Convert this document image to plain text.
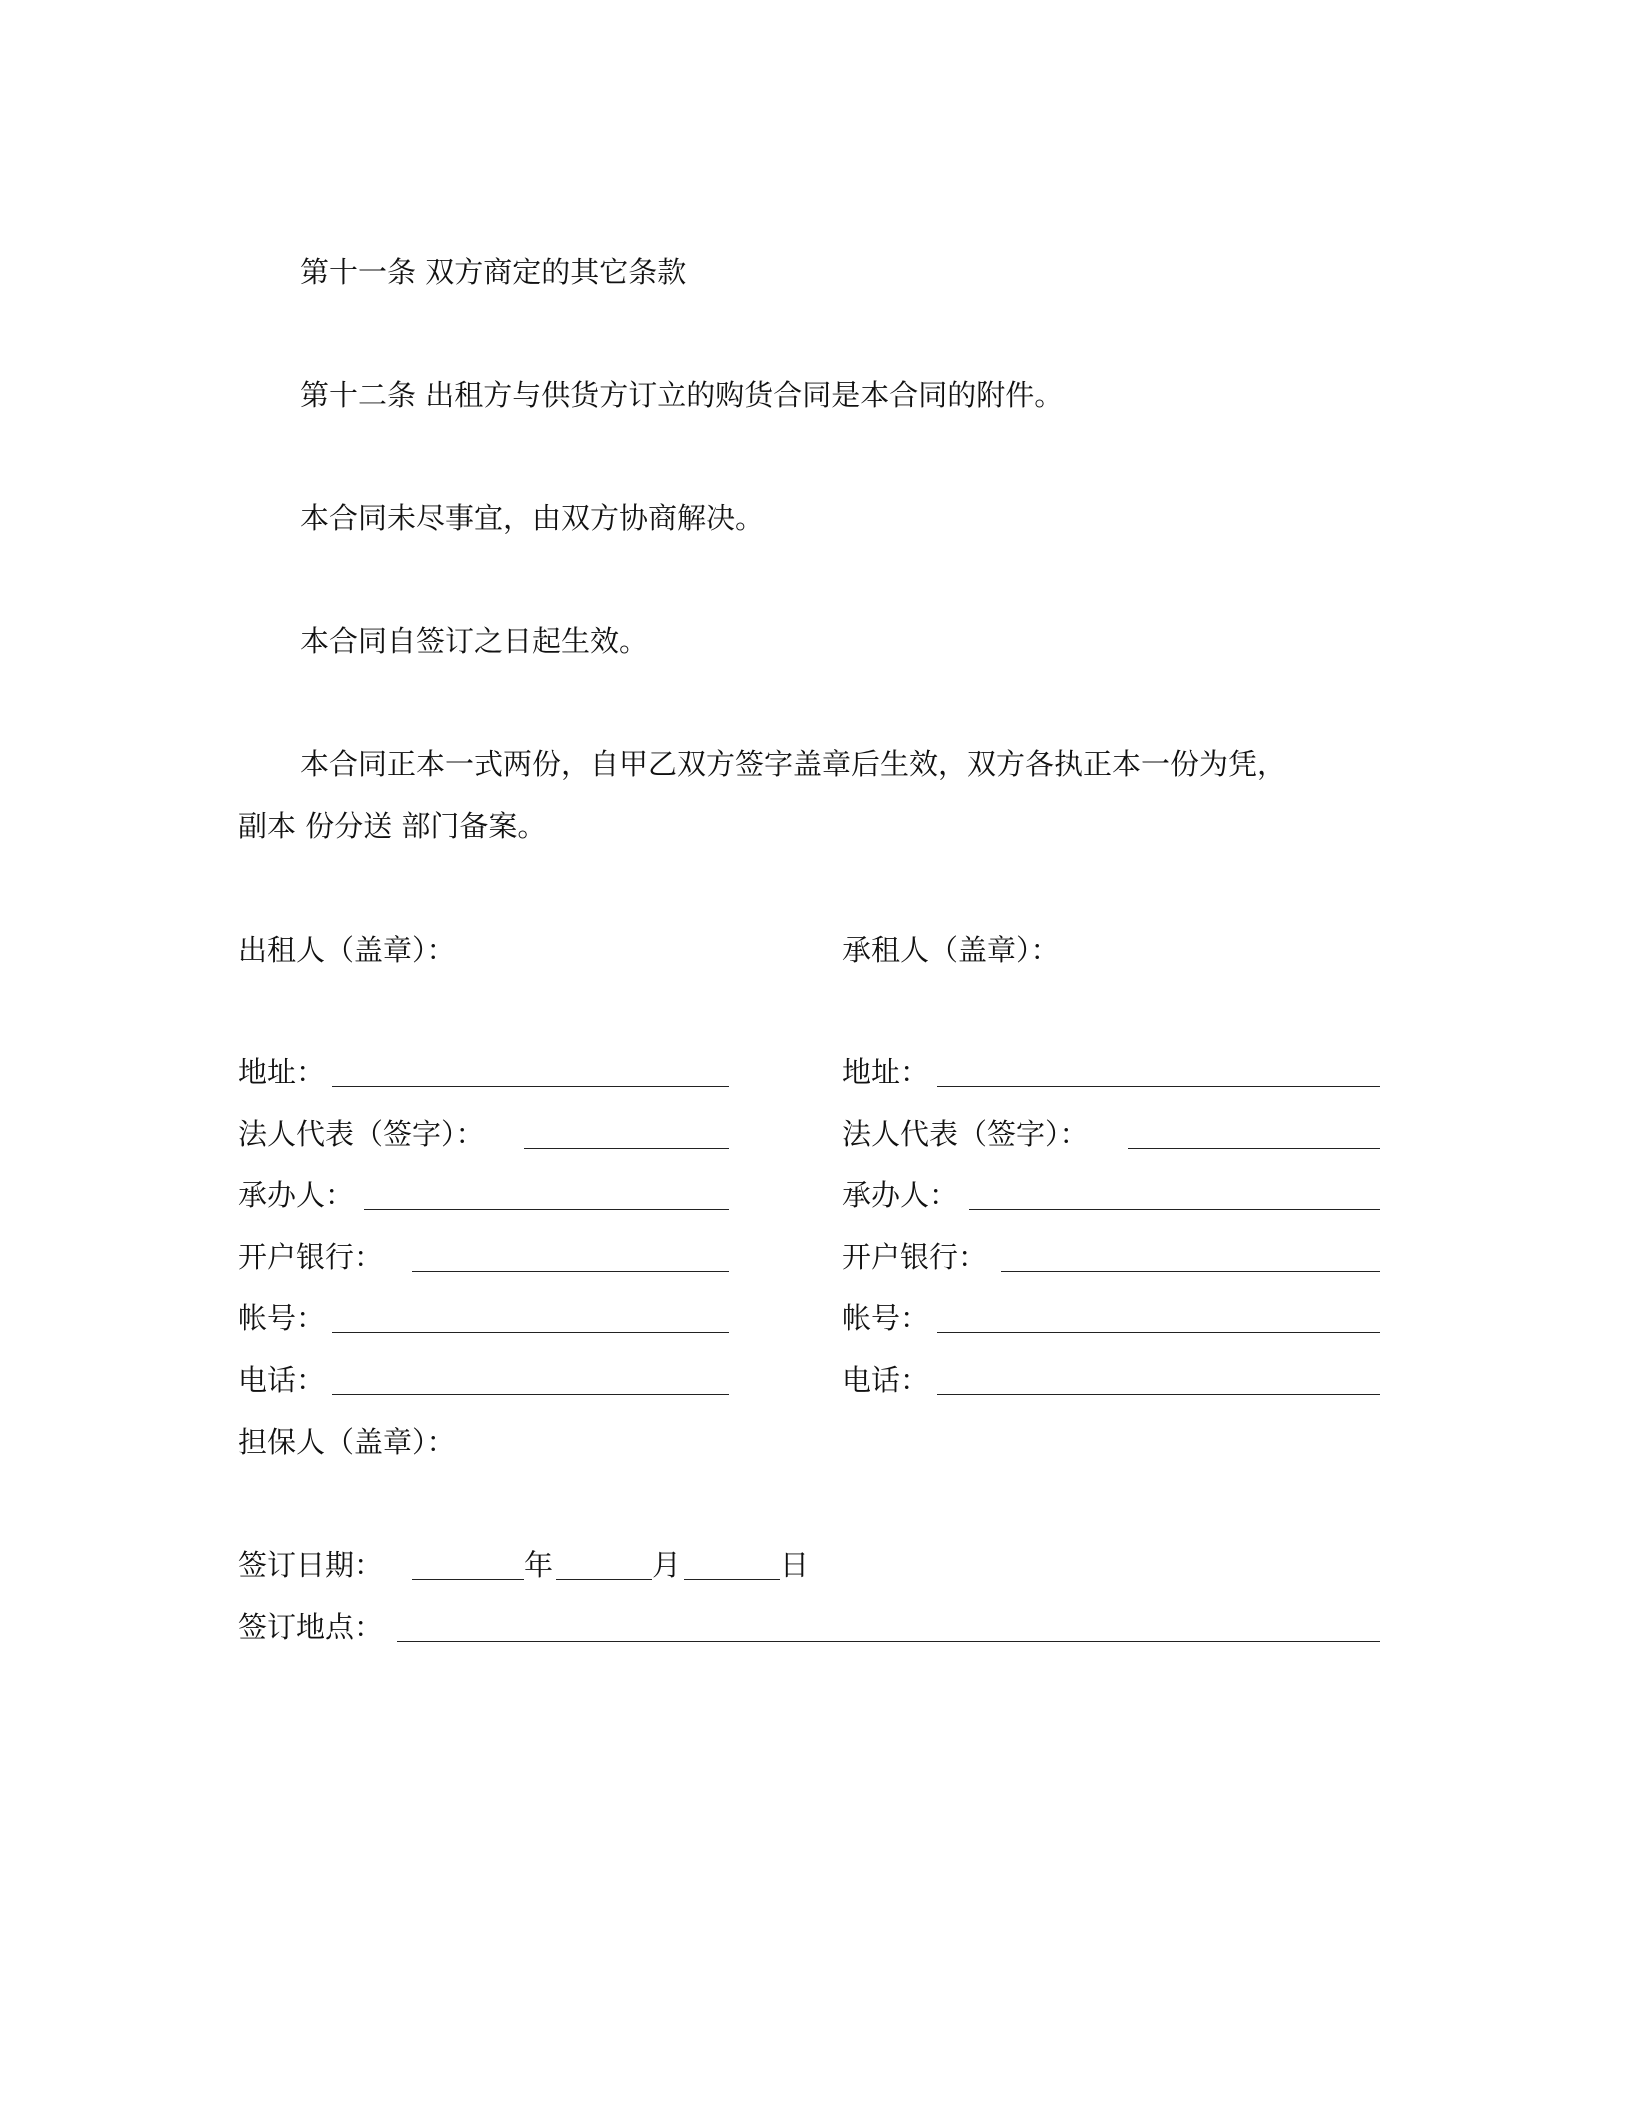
第十一条 双方商定的其它条款
第十二条 出租方与供货方订立的购货合同是本合同的附件。
本合同未尽事宜，由双方协商解决。
本合同自签订之日起生效。
本合同正本一式两份，自甲乙双方签字盖章后生效，双方各执正本一份为凭，
副本 份分送 部门备案。
出租人（盖章）：
地址：
法人代表（签字）：
承办人：
开户银行：
帐号：
电话：
承租人（盖章）：
地址：
法人代表（签字）：
承办人：
开户银行：
帐号：
电话：
担保人（盖章）：
签订日期：	年	月	日
签订地点：
